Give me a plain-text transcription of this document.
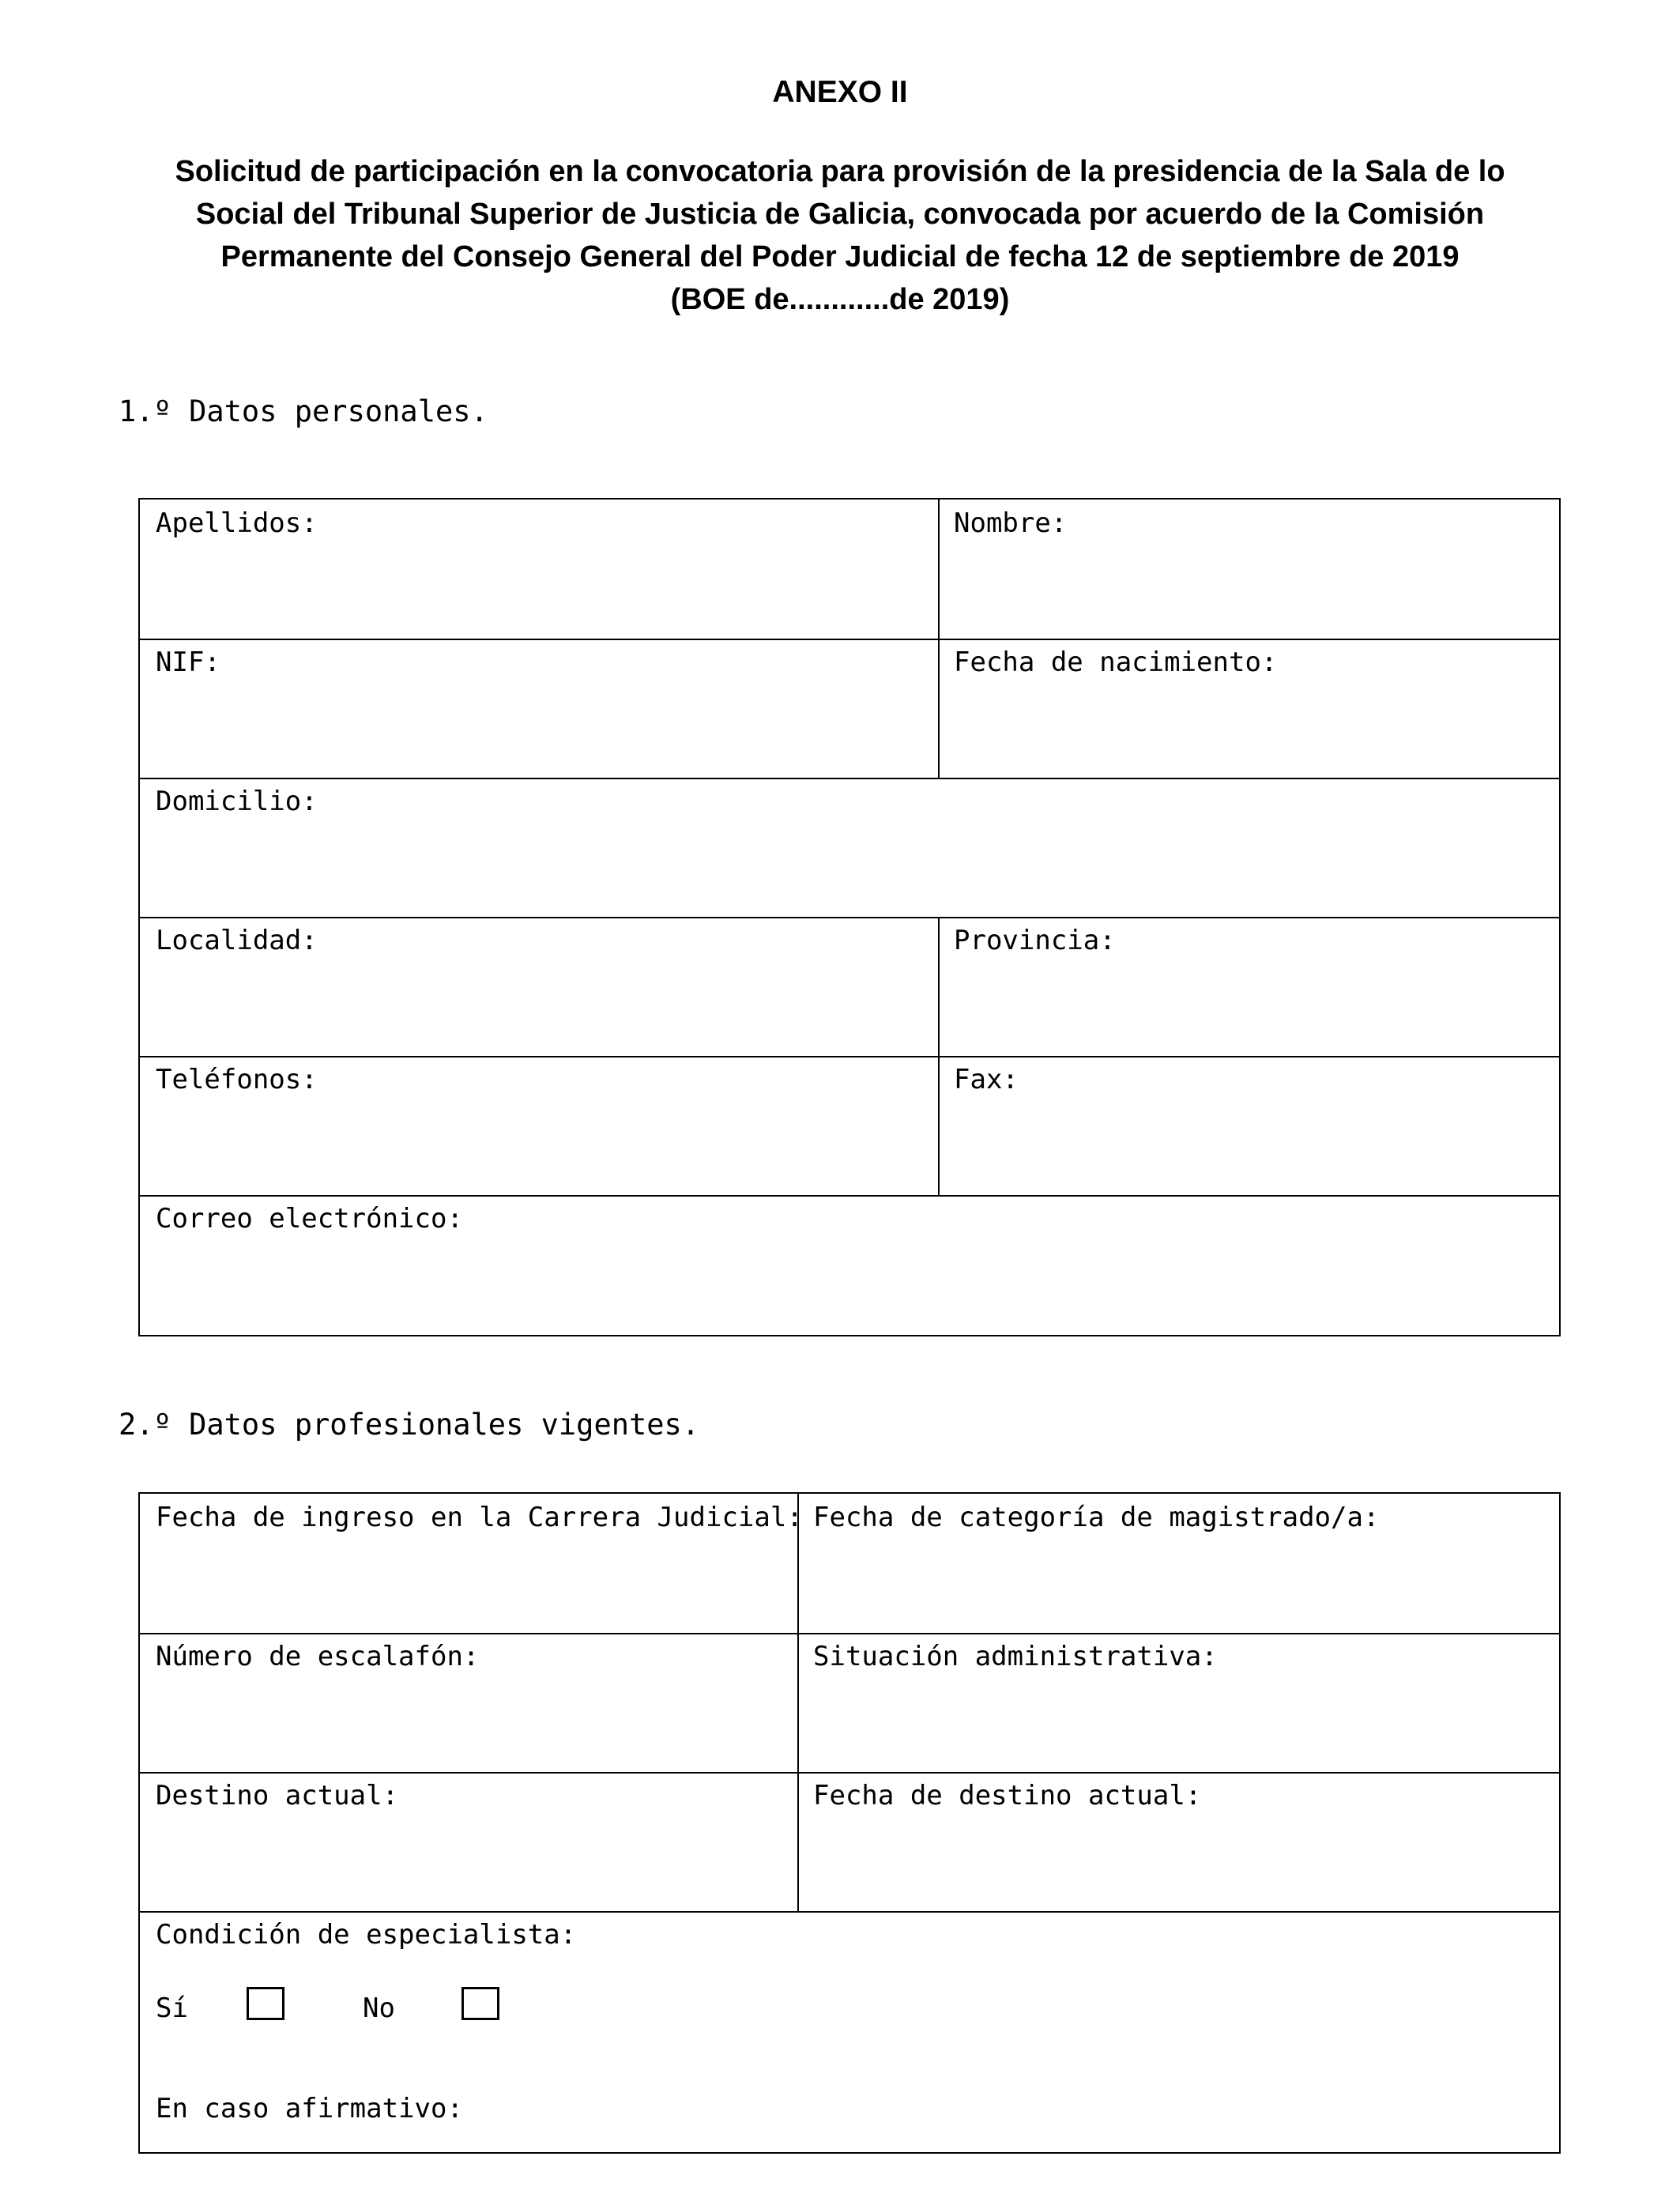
ANEXO II
Solicitud de participación en la convocatoria para provisión de la presidencia de la Sala de lo
Social del Tribunal Superior de Justicia de Galicia, convocada por acuerdo de la Comisión
Permanente del Consejo General del Poder Judicial de fecha 12 de septiembre de 2019
(BOE de............de 2019)
1.º Datos personales.
Apellidos:	Nombre:
NIF:	Fecha de nacimiento:
Domicilio:
Localidad:	Provincia:
Teléfonos:	Fax:
Correo electrónico:
2.º Datos profesionales vigentes.
Fecha de ingreso en la Carrera Judicial: Fecha de categoría de magistrado/a:
Número de escalafón:	Situación administrativa:
Destino actual:	Fecha de destino actual:
Condición de especialista:
Sí	No
En caso afirmativo:
